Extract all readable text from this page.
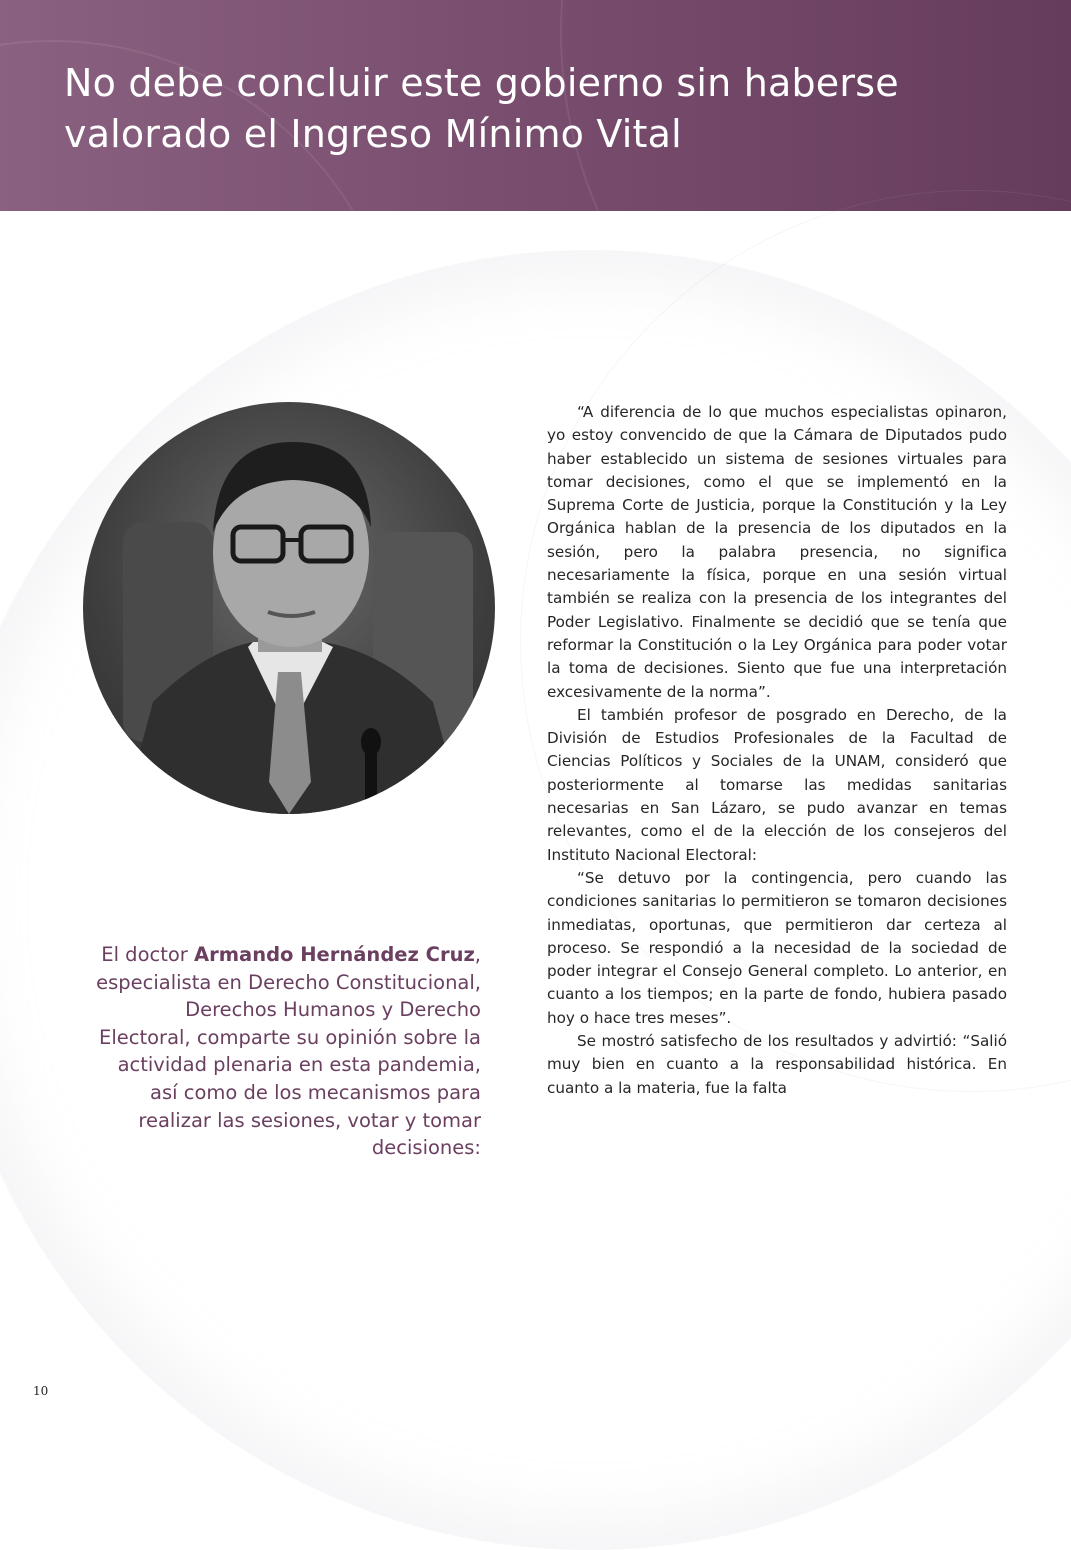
No debe concluir este gobierno sin haberse valorado el Ingreso Mínimo Vital

El doctor Armando Hernández Cruz, especialista en Derecho Constitucional, Derechos Humanos y Derecho Electoral, comparte su opinión sobre la actividad plenaria en esta pandemia, así como de los mecanismos para realizar las sesiones, votar y tomar decisiones:

“A diferencia de lo que muchos especialistas opinaron, yo estoy convencido de que la Cámara de Diputados pudo haber establecido un sistema de sesiones virtuales para tomar decisiones, como el que se implementó en la Suprema Corte de Justicia, porque la Constitución y la Ley Orgánica hablan de la presencia de los diputados en la sesión, pero la palabra presencia, no significa necesariamente la física, porque en una sesión virtual también se realiza con la presencia de los integrantes del Poder Legislativo. Finalmente se decidió que se tenía que reformar la Constitución o la Ley Orgánica para poder votar la toma de decisiones. Siento que fue una interpretación excesivamente de la norma”.

El también profesor de posgrado en Derecho, de la División de Estudios Profesionales de la Facultad de Ciencias Políticos y Sociales de la UNAM, consideró que posteriormente al tomarse las medidas sanitarias necesarias en San Lázaro, se pudo avanzar en temas relevantes, como el de la elección de los consejeros del Instituto Nacional Electoral:

“Se detuvo por la contingencia, pero cuando las condiciones sanitarias lo permitieron se tomaron decisiones inmediatas, oportunas, que permitieron dar certeza al proceso. Se respondió a la necesidad de la sociedad de poder integrar el Consejo General completo. Lo anterior, en cuanto a los tiempos; en la parte de fondo, hubiera pasado hoy o hace tres meses”.

Se mostró satisfecho de los resultados y advirtió: “Salió muy bien en cuanto a la responsabilidad histórica. En cuanto a la materia, fue la falta

10
